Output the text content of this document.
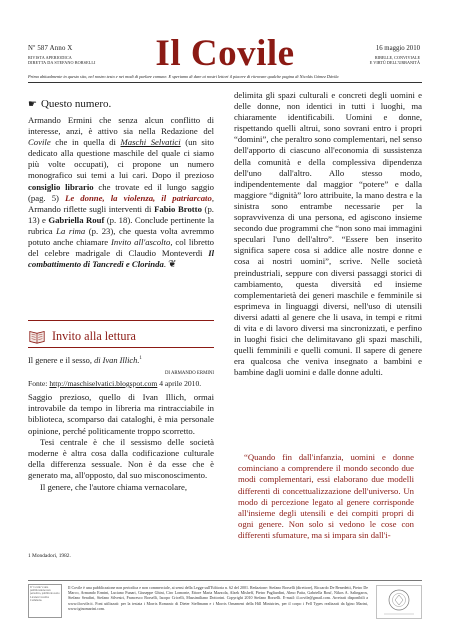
Nº 587 Anno X
RIVISTA APERIODICA
DIRETTA DA STEFANO BORSELLI	Il Covile	16 maggio 2010
RIBELLE, CONVIVIALE
E VIRTÙ DELL'URBANITÀ
Prima abitualmente in questo sito, nel nostro testo e nei modi di parlare comune. E speriamo di dare ai nostri lettori il piacere di ritrovare qualche pagina di Nicolás Gómez Dávila
☛ Questo numero.

Armando Ermini che senza alcun conflitto di interesse, anzi, è attivo sia nella Redazione del Covile che in quella di Maschi Selvatici (un sito dedicato alla questione maschile del quale ci siamo più volte occupati), ci propone un numero monografico sui temi a lui cari. Dopo il prezioso consiglio librario che trovate ed il lungo saggio (pag. 5) Le donne, la violenza, il patriarcato, Armando riflette sugli interventi di Fabio Brotto (p. 13) e Gabriella Rouf (p. 18). Conclude pertinente la rubrica La rima (p. 23), che questa volta avremmo potuto anche chiamare Invito all'ascolto, col libretto del celebre madrigale di Claudio Monteverdi Il combattimento di Tancredi e Clorinda. ❦

Invito alla lettura
Il genere e il sesso, di Ivan Illich.$^1$
DI ARMANDO ERMINI
Fonte: http://maschiselvatici.blogspot.com 4 aprile 2010.

Saggio prezioso, quello di Ivan Illich, ormai introvabile da tempo in libreria ma rintracciabile in biblioteca, scomparso dai cataloghi, è mia personale opinione, perché politicamente troppo scorretto.

Tesi centrale è che il sessismo delle società moderne è altra cosa dalla codificazione culturale della differenza sessuale. Non è da esse che è generato ma, all'opposto, dal suo misconoscimento.

Il genere, che l'autore chiama vernacolare,

1 Mondadori, 1982.

delimita gli spazi culturali e concreti degli uomini e delle donne, non identici in tutti i luoghi, ma chiaramente identificabili. Uomini e donne, rispettando quelli altrui, sono sovrani entro i propri “domini”, che peraltro sono complementari, nel senso dell'apporto di ciascuno all'economia di sussistenza della comunità e della complessiva dipendenza dell'uno dall'altro. Allo stesso modo, indipendentemente dal maggior “potere” e dalla maggiore “dignità” loro attribuite, la mano destra e la sinistra sono entrambe necessarie per la sopravvivenza di una persona, ed agiscono insieme secondo due programmi che “non sono mai immagini speculari l'uno dell'altro”. “Essere ben inserito significa sapere cosa si addice alle nostre donne e cosa ai nostri uomini”, scrive. Nelle società preindustriali, seppure con diversi passaggi storici di cambiamento, questa diversità ed insieme complementarietà dei generi maschile e femminile si esprimeva in linguaggi diversi, nell'uso di utensili diversi adatti al genere che li usava, in tempi e ritmi di vita e di lavoro diversi ma sincronizzati, e perfino in luoghi fisici che delimitavano gli spazi maschili, quelli femminili e quelli comuni. Il sapere di genere era qualcosa che veniva insegnato a bambini e bambine dagli uomini e dalle donne adulti.

“Quando fin dall'infanzia, uomini e donne cominciano a comprendere il mondo secondo due modi complementari, essi elaborano due modelli differenti di concettualizzazione dell'universo. Un modo di percezione legato al genere corrisponde all'insieme degli utensili e dei compiti propri di ogni genere. Non solo si vedono le cose con differenti sfumature, ma si impara sin dall'i-
Il ‘Covile’ è una pubblicazione non periodica, pubblicata sotto Licenza Creative Commons.
Il Covile è una pubblicazione non periodica e non commerciale, ai sensi della Legge sull'Editoria n. 62 del 2001. Redazione: Stefano Borselli (direttore), Riccardo De Benedetti, Pietro De Marco, Armando Ermini, Luciano Funari, Giuseppe Ghini, Ciro Lomonte, Ettore Maria Mazzola, Alzek Misheff, Pietro Pagliardini, Almo Paita, Gabriella Rouf, Nikos A. Salingaros, Stefano Serafini, Stefano Silvestri, Francesco Borselli, Iacopo Cricelli, Massimiliano Dottorini. Copyright 2010 Stefano Borselli. E-mail: il.covile@gmail.com. Arretrati disponibili a www.ilcovile.it. Font utilizzati: per la testata i Morris Romanic di Dieter Steffmann e i Morris Ornament della Hill Ministries, per il corpo i Fell Types realizzati da Igino Marini, www.iginomarini.com.
